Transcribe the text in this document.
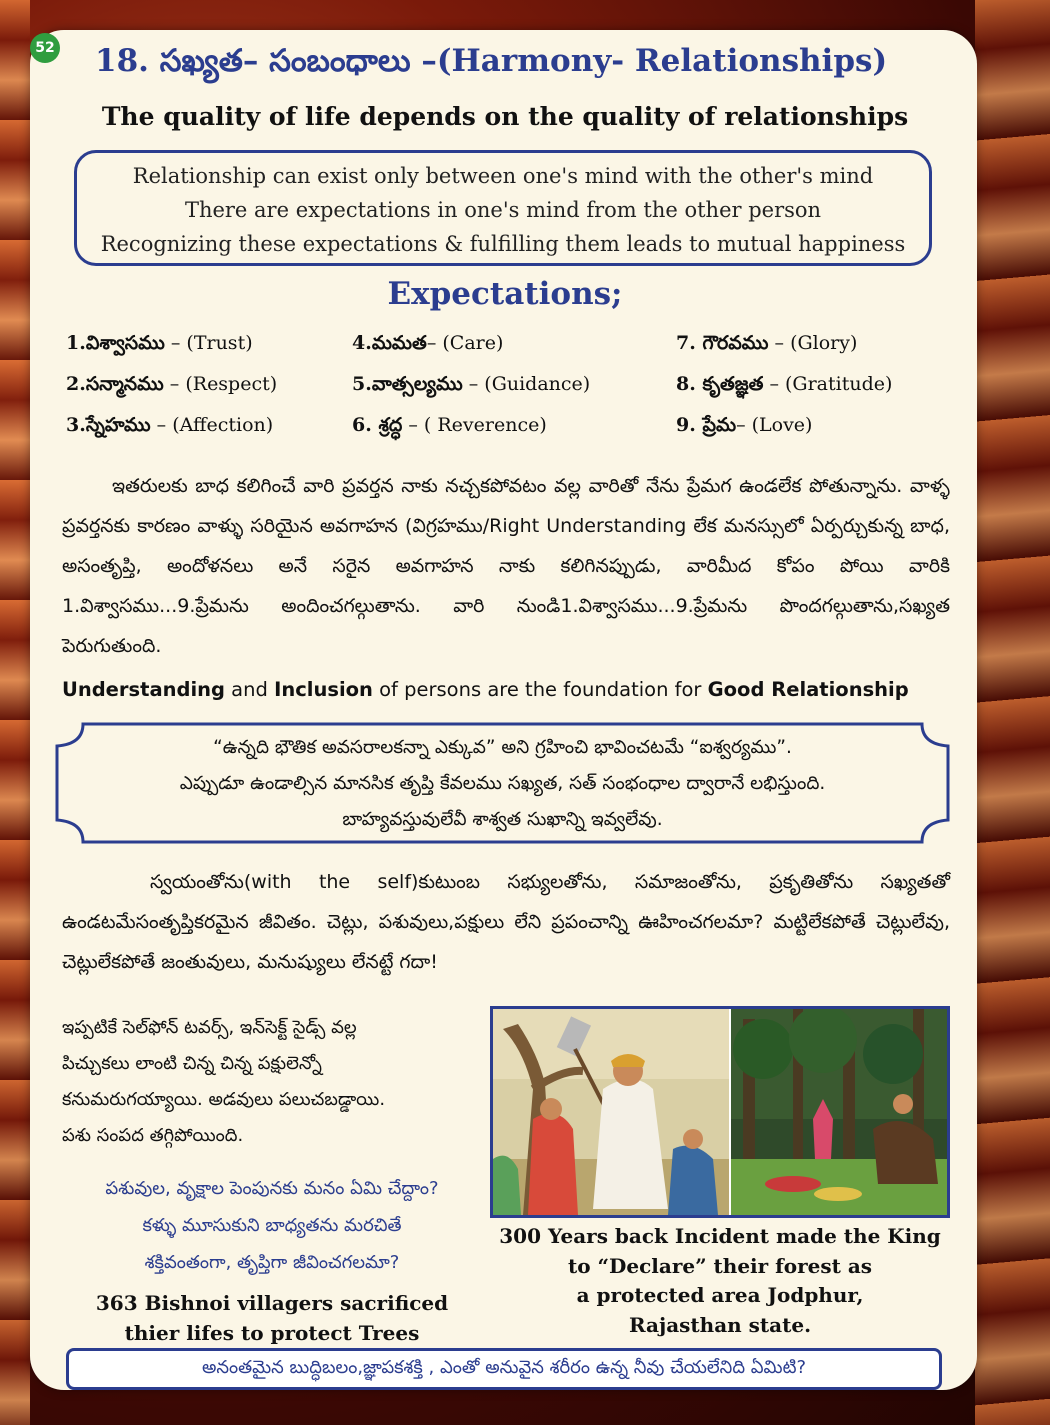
52 18. సఖ్యత– సంబంధాలు –(Harmony- Relationships)
The quality of life depends on the quality of relationships
Relationship can exist only between one's mind with the other's mind
There are expectations in one's mind from the other person
Recognizing these expectations & fulfilling them leads to mutual happiness
Expectations;
1.విశ్వాసము – (Trust)
2.సన్మానము – (Respect)
3.స్నేహము – (Affection)
4.మమత– (Care)
5.వాత్సల్యము – (Guidance)
6. శ్రద్ధ – ( Reverence)
7. గౌరవము – (Glory)
8. కృతజ్ఞత – (Gratitude)
9. ప్రేమ– (Love)
ఇతరులకు బాధ కలిగించే వారి ప్రవర్తన నాకు నచ్చకపోవటం వల్ల వారితో నేను ప్రేమగ ఉండలేక పోతున్నాను. వాళ్ళ ప్రవర్తనకు కారణం వాళ్ళు సరియైన అవగాహన (విగ్రహము/Right Understanding లేక మనస్సులో ఏర్పర్చుకున్న బాధ, అసంతృప్తి, అందోళనలు అనే సరైన అవగాహన నాకు కలిగినప్పుడు, వారిమీద కోపం పోయి వారికి 1.విశ్వాసము...9.ప్రేమను అందించగల్గుతాను. వారి నుండి1.విశ్వాసము...9.ప్రేమను పొందగల్గుతాను,సఖ్యత పెరుగుతుంది.
Understanding and Inclusion of persons are the foundation for Good Relationship
“ఉన్నది భౌతిక అవసరాలకన్నా ఎక్కువ” అని గ్రహించి భావించటమే “ఐశ్వర్యము”.
ఎప్పుడూ ఉండాల్సిన మానసిక తృప్తి కేవలము సఖ్యత, సత్ సంభంధాల ద్వారానే లభిస్తుంది.
బాహ్యవస్తువులేవీ శాశ్వత సుఖాన్ని ఇవ్వలేవు.
స్వయంతోను(with the self)కుటుంబ సభ్యులతోను, సమాజంతోను, ప్రకృతితోను సఖ్యతతో ఉండటమేసంతృప్తికరమైన జీవితం. చెట్లు, పశువులు,పక్షులు లేని ప్రపంచాన్ని ఊహించగలమా? మట్టిలేకపోతే చెట్లులేవు, చెట్లులేకపోతే జంతువులు, మనుష్యులు లేనట్టే గదా!
ఇప్పటికే సెల్‌ఫోన్ టవర్స్, ఇన్‌సెక్ట్ సైడ్స్ వల్ల
పిచ్చుకలు లాంటి చిన్న చిన్న పక్షులెన్నో
కనుమరుగయ్యాయి. అడవులు పలుచబడ్డాయి.
పశు సంపద తగ్గిపోయింది.
పశువుల, వృక్షాల పెంపునకు మనం ఏమి చేద్దాం?
కళ్ళు మూసుకుని బాధ్యతను మరచితే
శక్తివంతంగా, తృప్తిగా జీవించగలమా?
363 Bishnoi villagers sacrificed
thier lifes to protect Trees
300 Years back Incident made the King
to “Declare” their forest as
a protected area Jodphur,
Rajasthan state.
అనంతమైన బుద్ధిబలం,జ్ఞాపకశక్తి , ఎంతో అనువైన శరీరం ఉన్న నీవు చేయలేనిది ఏమిటి?
